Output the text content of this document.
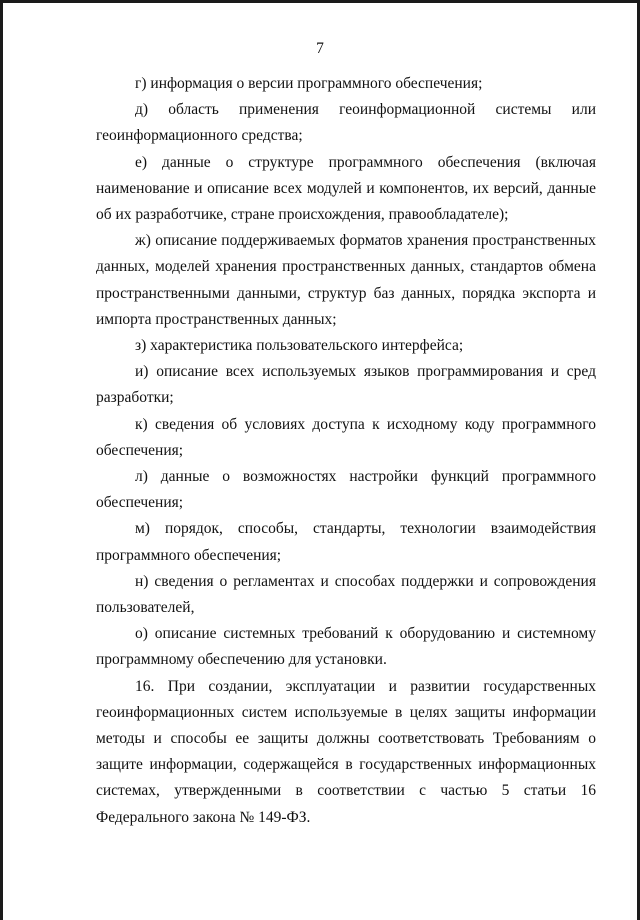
7

г) информация о версии программного обеспечения;

д) область применения геоинформационной системы или геоинформационного средства;

е) данные о структуре программного обеспечения (включая наименование и описание всех модулей и компонентов, их версий, данные об их разработчике, стране происхождения, правообладателе);

ж) описание поддерживаемых форматов хранения пространственных данных, моделей хранения пространственных данных, стандартов обмена пространственными данными, структур баз данных, порядка экспорта и импорта пространственных данных;

з) характеристика пользовательского интерфейса;

и) описание всех используемых языков программирования и сред разработки;

к) сведения об условиях доступа к исходному коду программного обеспечения;

л) данные о возможностях настройки функций программного обеспечения;

м) порядок, способы, стандарты, технологии взаимодействия программного обеспечения;

н) сведения о регламентах и способах поддержки и сопровождения пользователей,

о) описание системных требований к оборудованию и системному программному обеспечению для установки.

16. При создании, эксплуатации и развитии государственных геоинформационных систем используемые в целях защиты информации методы и способы ее защиты должны соответствовать Требованиям о защите информации, содержащейся в государственных информационных системах, утвержденными в соответствии с частью 5 статьи 16 Федерального закона № 149-ФЗ.
